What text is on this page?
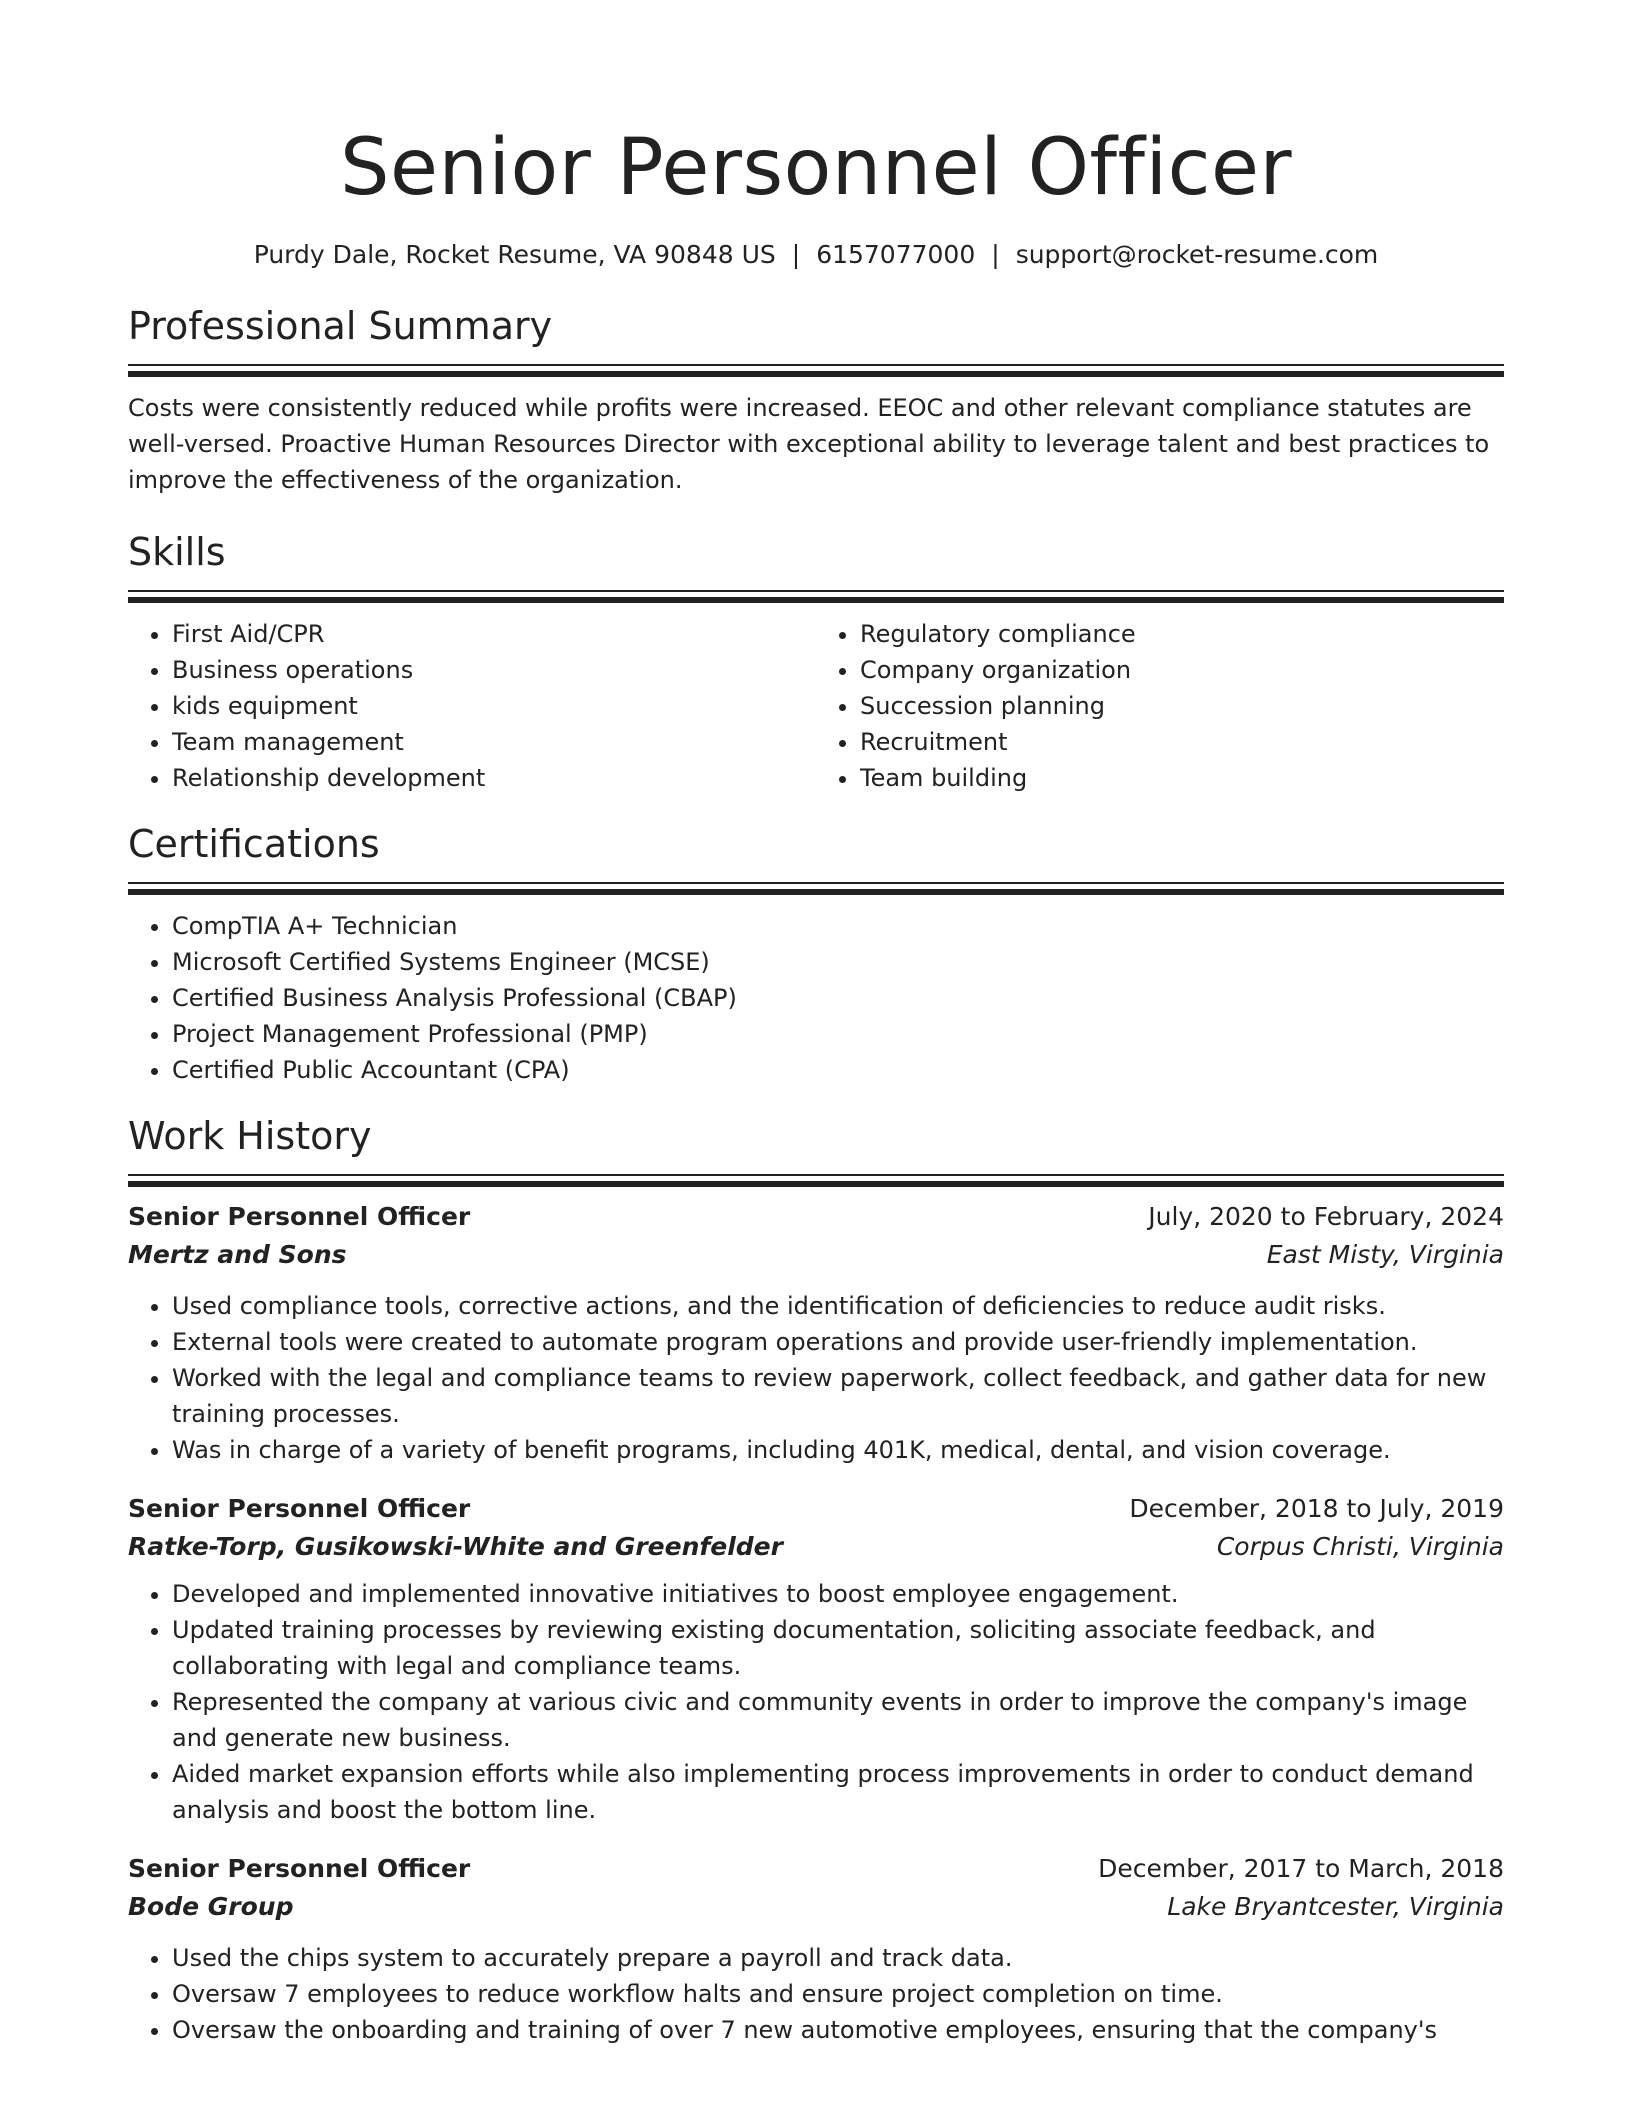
Senior Personnel Officer
Purdy Dale, Rocket Resume, VA 90848 US | 6157077000 | support@rocket-resume.com
Professional Summary

Costs were consistently reduced while profits were increased. EEOC and other relevant compliance statutes are well-versed. Proactive Human Resources Director with exceptional ability to leverage talent and best practices to improve the effectiveness of the organization.

Skills
• First Aid/CPR
• Business operations
• kids equipment
• Team management
• Relationship development
• Regulatory compliance
• Company organization
• Succession planning
• Recruitment
• Team building
Certifications
• CompTIA A+ Technician
• Microsoft Certified Systems Engineer (MCSE)
• Certified Business Analysis Professional (CBAP)
• Project Management Professional (PMP)
• Certified Public Accountant (CPA)
Work History
Senior Personnel Officer	July, 2020 to February, 2024
Mertz and Sons	East Misty, Virginia
• Used compliance tools, corrective actions, and the identification of deficiencies to reduce audit risks.
• External tools were created to automate program operations and provide user-friendly implementation.
• Worked with the legal and compliance teams to review paperwork, collect feedback, and gather data for new training processes.
• Was in charge of a variety of benefit programs, including 401K, medical, dental, and vision coverage.
Senior Personnel Officer	December, 2018 to July, 2019
Ratke-Torp, Gusikowski-White and Greenfelder	Corpus Christi, Virginia
• Developed and implemented innovative initiatives to boost employee engagement.
• Updated training processes by reviewing existing documentation, soliciting associate feedback, and collaborating with legal and compliance teams.
• Represented the company at various civic and community events in order to improve the company's image and generate new business.
• Aided market expansion efforts while also implementing process improvements in order to conduct demand analysis and boost the bottom line.
Senior Personnel Officer	December, 2017 to March, 2018
Bode Group	Lake Bryantcester, Virginia
• Used the chips system to accurately prepare a payroll and track data.
• Oversaw 7 employees to reduce workflow halts and ensure project completion on time.
• Oversaw the onboarding and training of over 7 new automotive employees, ensuring that the company's
